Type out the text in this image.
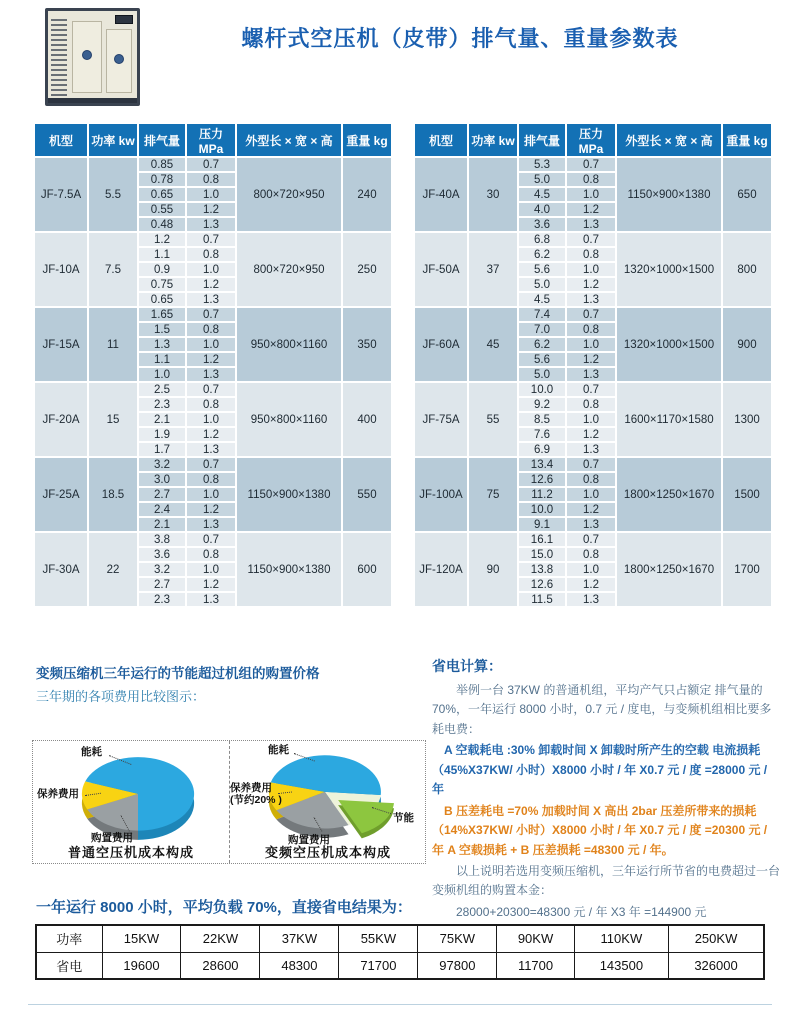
螺杆式空压机（皮带）排气量、重量参数表
机型	功率 kw	排气量	压力 MPa	外型长 × 宽 × 高	重量 kg
JF-7.5A	5.5	0.85	0.7	800×720×950	240
		0.78	0.8		
		0.65	1.0		
		0.55	1.2		
		0.48	1.3		
JF-10A	7.5	1.2	0.7	800×720×950	250
		1.1	0.8		
		0.9	1.0		
		0.75	1.2		
		0.65	1.3		
JF-15A	11	1.65	0.7	950×800×1160	350
		1.5	0.8		
		1.3	1.0		
		1.1	1.2		
		1.0	1.3		
JF-20A	15	2.5	0.7	950×800×1160	400
		2.3	0.8		
		2.1	1.0		
		1.9	1.2		
		1.7	1.3		
JF-25A	18.5	3.2	0.7	1150×900×1380	550
		3.0	0.8		
		2.7	1.0		
		2.4	1.2		
		2.1	1.3		
JF-30A	22	3.8	0.7	1150×900×1380	600
		3.6	0.8		
		3.2	1.0		
		2.7	1.2		
		2.3	1.3		
机型	功率 kw	排气量	压力 MPa	外型长 × 宽 × 高	重量 kg
JF-40A	30	5.3	0.7	1150×900×1380	650
		5.0	0.8		
		4.5	1.0		
		4.0	1.2		
		3.6	1.3		
JF-50A	37	6.8	0.7	1320×1000×1500	800
		6.2	0.8		
		5.6	1.0		
		5.0	1.2		
		4.5	1.3		
JF-60A	45	7.4	0.7	1320×1000×1500	900
		7.0	0.8		
		6.2	1.0		
		5.6	1.2		
		5.0	1.3		
JF-75A	55	10.0	0.7	1600×1170×1580	1300
		9.2	0.8		
		8.5	1.0		
		7.6	1.2		
		6.9	1.3		
JF-100A	75	13.4	0.7	1800×1250×1670	1500
		12.6	0.8		
		11.2	1.0		
		10.0	1.2		
		9.1	1.3		
JF-120A	90	16.1	0.7	1800×1250×1670	1700
		15.0	0.8		
		13.8	1.0		
		12.6	1.2		
		11.5	1.3		
变频压缩机三年运行的节能超过机组的购置价格
三年期的各项费用比较图示：
能耗
保养费用
购置费用
普通空压机成本构成
能耗
保养费用
(节约20% )
购置费用
节能
变频空压机成本构成
省电计算：

举例一台 37KW 的普通机组，平均产气只占额定 排气量的 70%，一年运行 8000 小时，0.7 元 / 度电，与变频机组相比要多耗电费：

A 空载耗电 :30% 卸载时间 X 卸载时所产生的空载 电流损耗（45%X37KW/ 小时）X8000 小时 / 年 X0.7 元 / 度 =28000 元 / 年

B 压差耗电 =70% 加载时间 X 高出 2bar 压差所带来的损耗（14%X37KW/ 小时）X8000 小时 / 年 X0.7 元 / 度 =20300 元 / 年 A 空载损耗 + B 压差损耗 =48300 元 / 年。

以上说明若选用变频压缩机，三年运行所节省的电费超过一台变频机组的购置本金：

28000+20300=48300 元 / 年 X3 年 =144900 元

一年运行 8000 小时，平均负载 70%，直接省电结果为：
功率	15KW	22KW	37KW	55KW	75KW	90KW	110KW	250KW
省电	19600	28600	48300	71700	97800	11700	143500	326000
